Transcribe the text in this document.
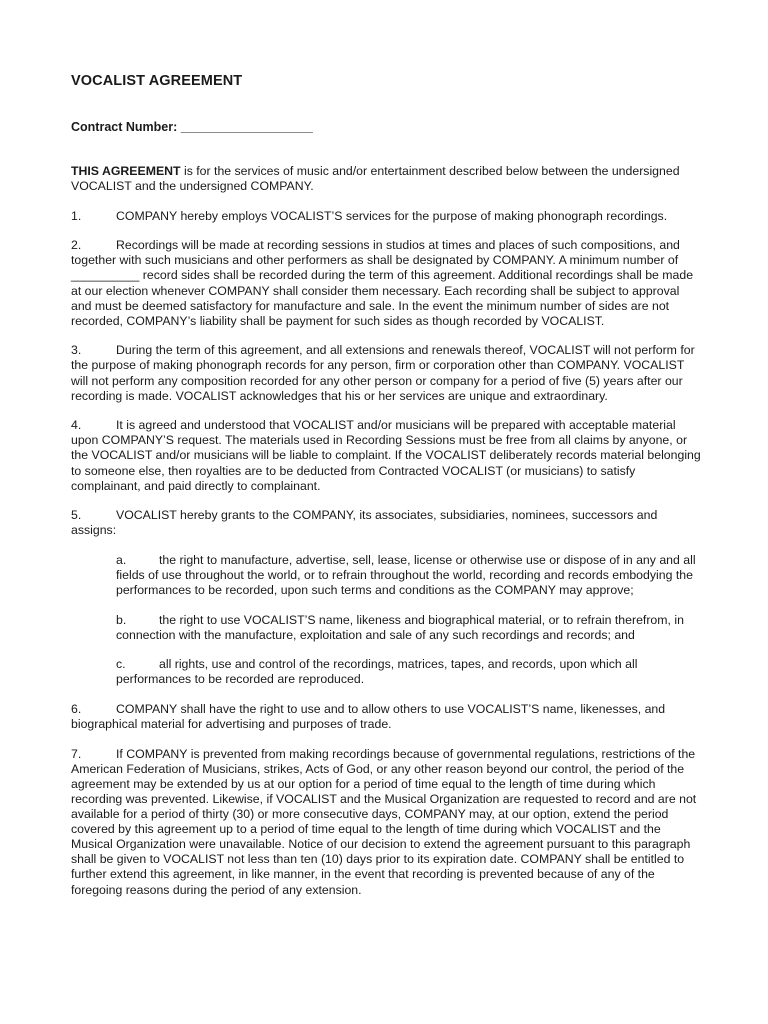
VOCALIST AGREEMENT
Contract Number: ___________________

THIS AGREEMENT is for the services of music and/or entertainment described below between the undersigned VOCALIST and the undersigned COMPANY.

1.	COMPANY hereby employs VOCALIST’S services for the purpose of making phonograph recordings.

2.	Recordings will be made at recording sessions in studios at times and places of such compositions, and together with such musicians and other performers as shall be designated by COMPANY. A minimum number of __________ record sides shall be recorded during the term of this agreement. Additional recordings shall be made at our election whenever COMPANY shall consider them necessary. Each recording shall be subject to approval and must be deemed satisfactory for manufacture and sale. In the event the minimum number of sides are not recorded, COMPANY’s liability shall be payment for such sides as though recorded by VOCALIST.

3.	During the term of this agreement, and all extensions and renewals thereof, VOCALIST will not perform for the purpose of making phonograph records for any person, firm or corporation other than COMPANY. VOCALIST will not perform any composition recorded for any other person or company for a period of five (5) years after our recording is made. VOCALIST acknowledges that his or her services are unique and extraordinary.

4.	It is agreed and understood that VOCALIST and/or musicians will be prepared with acceptable material upon COMPANY’S request. The materials used in Recording Sessions must be free from all claims by anyone, or the VOCALIST and/or musicians will be liable to complaint. If the VOCALIST deliberately records material belonging to someone else, then royalties are to be deducted from Contracted VOCALIST (or musicians) to satisfy complainant, and paid directly to complainant.

5.	VOCALIST hereby grants to the COMPANY, its associates, subsidiaries, nominees, successors and assigns:

a.	the right to manufacture, advertise, sell, lease, license or otherwise use or dispose of in any and all fields of use throughout the world, or to refrain throughout the world, recording and records embodying the performances to be recorded, upon such terms and conditions as the COMPANY may approve;

b.	the right to use VOCALIST’S name, likeness and biographical material, or to refrain therefrom, in connection with the manufacture, exploitation and sale of any such recordings and records; and

c.	all rights, use and control of the recordings, matrices, tapes, and records, upon which all performances to be recorded are reproduced.

6.	COMPANY shall have the right to use and to allow others to use VOCALIST’S name, likenesses, and biographical material for advertising and purposes of trade.

7.	If COMPANY is prevented from making recordings because of governmental regulations, restrictions of the American Federation of Musicians, strikes, Acts of God, or any other reason beyond our control, the period of the agreement may be extended by us at our option for a period of time equal to the length of time during which recording was prevented. Likewise, if VOCALIST and the Musical Organization are requested to record and are not available for a period of thirty (30) or more consecutive days, COMPANY may, at our option, extend the period covered by this agreement up to a period of time equal to the length of time during which VOCALIST and the Musical Organization were unavailable. Notice of our decision to extend the agreement pursuant to this paragraph shall be given to VOCALIST not less than ten (10) days prior to its expiration date. COMPANY shall be entitled to further extend this agreement, in like manner, in the event that recording is prevented because of any of the foregoing reasons during the period of any extension.
